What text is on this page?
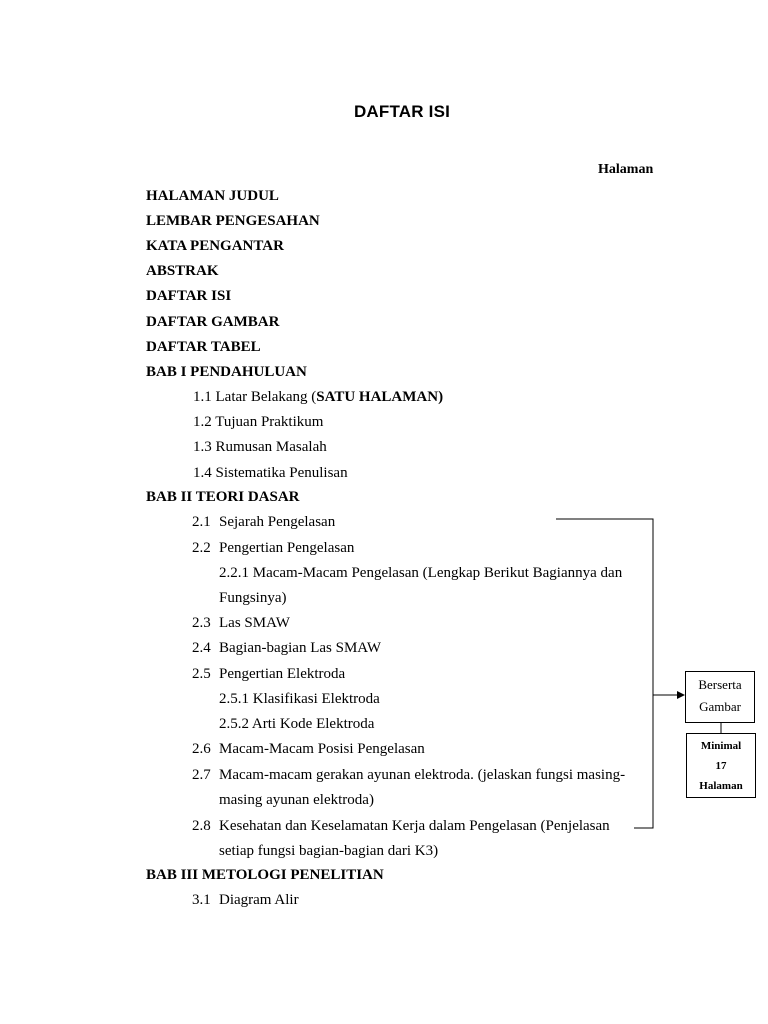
DAFTAR ISI
Halaman
HALAMAN JUDUL
LEMBAR PENGESAHAN
KATA PENGANTAR
ABSTRAK
DAFTAR ISI
DAFTAR GAMBAR
DAFTAR TABEL
BAB I PENDAHULUAN
1.1 Latar Belakang (SATU HALAMAN)
1.2 Tujuan Praktikum
1.3 Rumusan Masalah
1.4 Sistematika Penulisan
BAB II TEORI DASAR
2.1 Sejarah Pengelasan
2.2 Pengertian Pengelasan
2.2.1 Macam-Macam Pengelasan (Lengkap Berikut Bagiannya dan
Fungsinya)
2.3 Las SMAW
2.4 Bagian-bagian Las SMAW
2.5 Pengertian Elektroda
2.5.1 Klasifikasi Elektroda
2.5.2 Arti Kode Elektroda
2.6 Macam-Macam Posisi Pengelasan
2.7 Macam-macam gerakan ayunan elektroda. (jelaskan fungsi masing-
masing ayunan elektroda)
2.8 Kesehatan dan Keselamatan Kerja dalam Pengelasan (Penjelasan
setiap fungsi bagian-bagian dari K3)
BAB III METOLOGI PENELITIAN
3.1 Diagram Alir
Berserta
Gambar
Minimal
17
Halaman
